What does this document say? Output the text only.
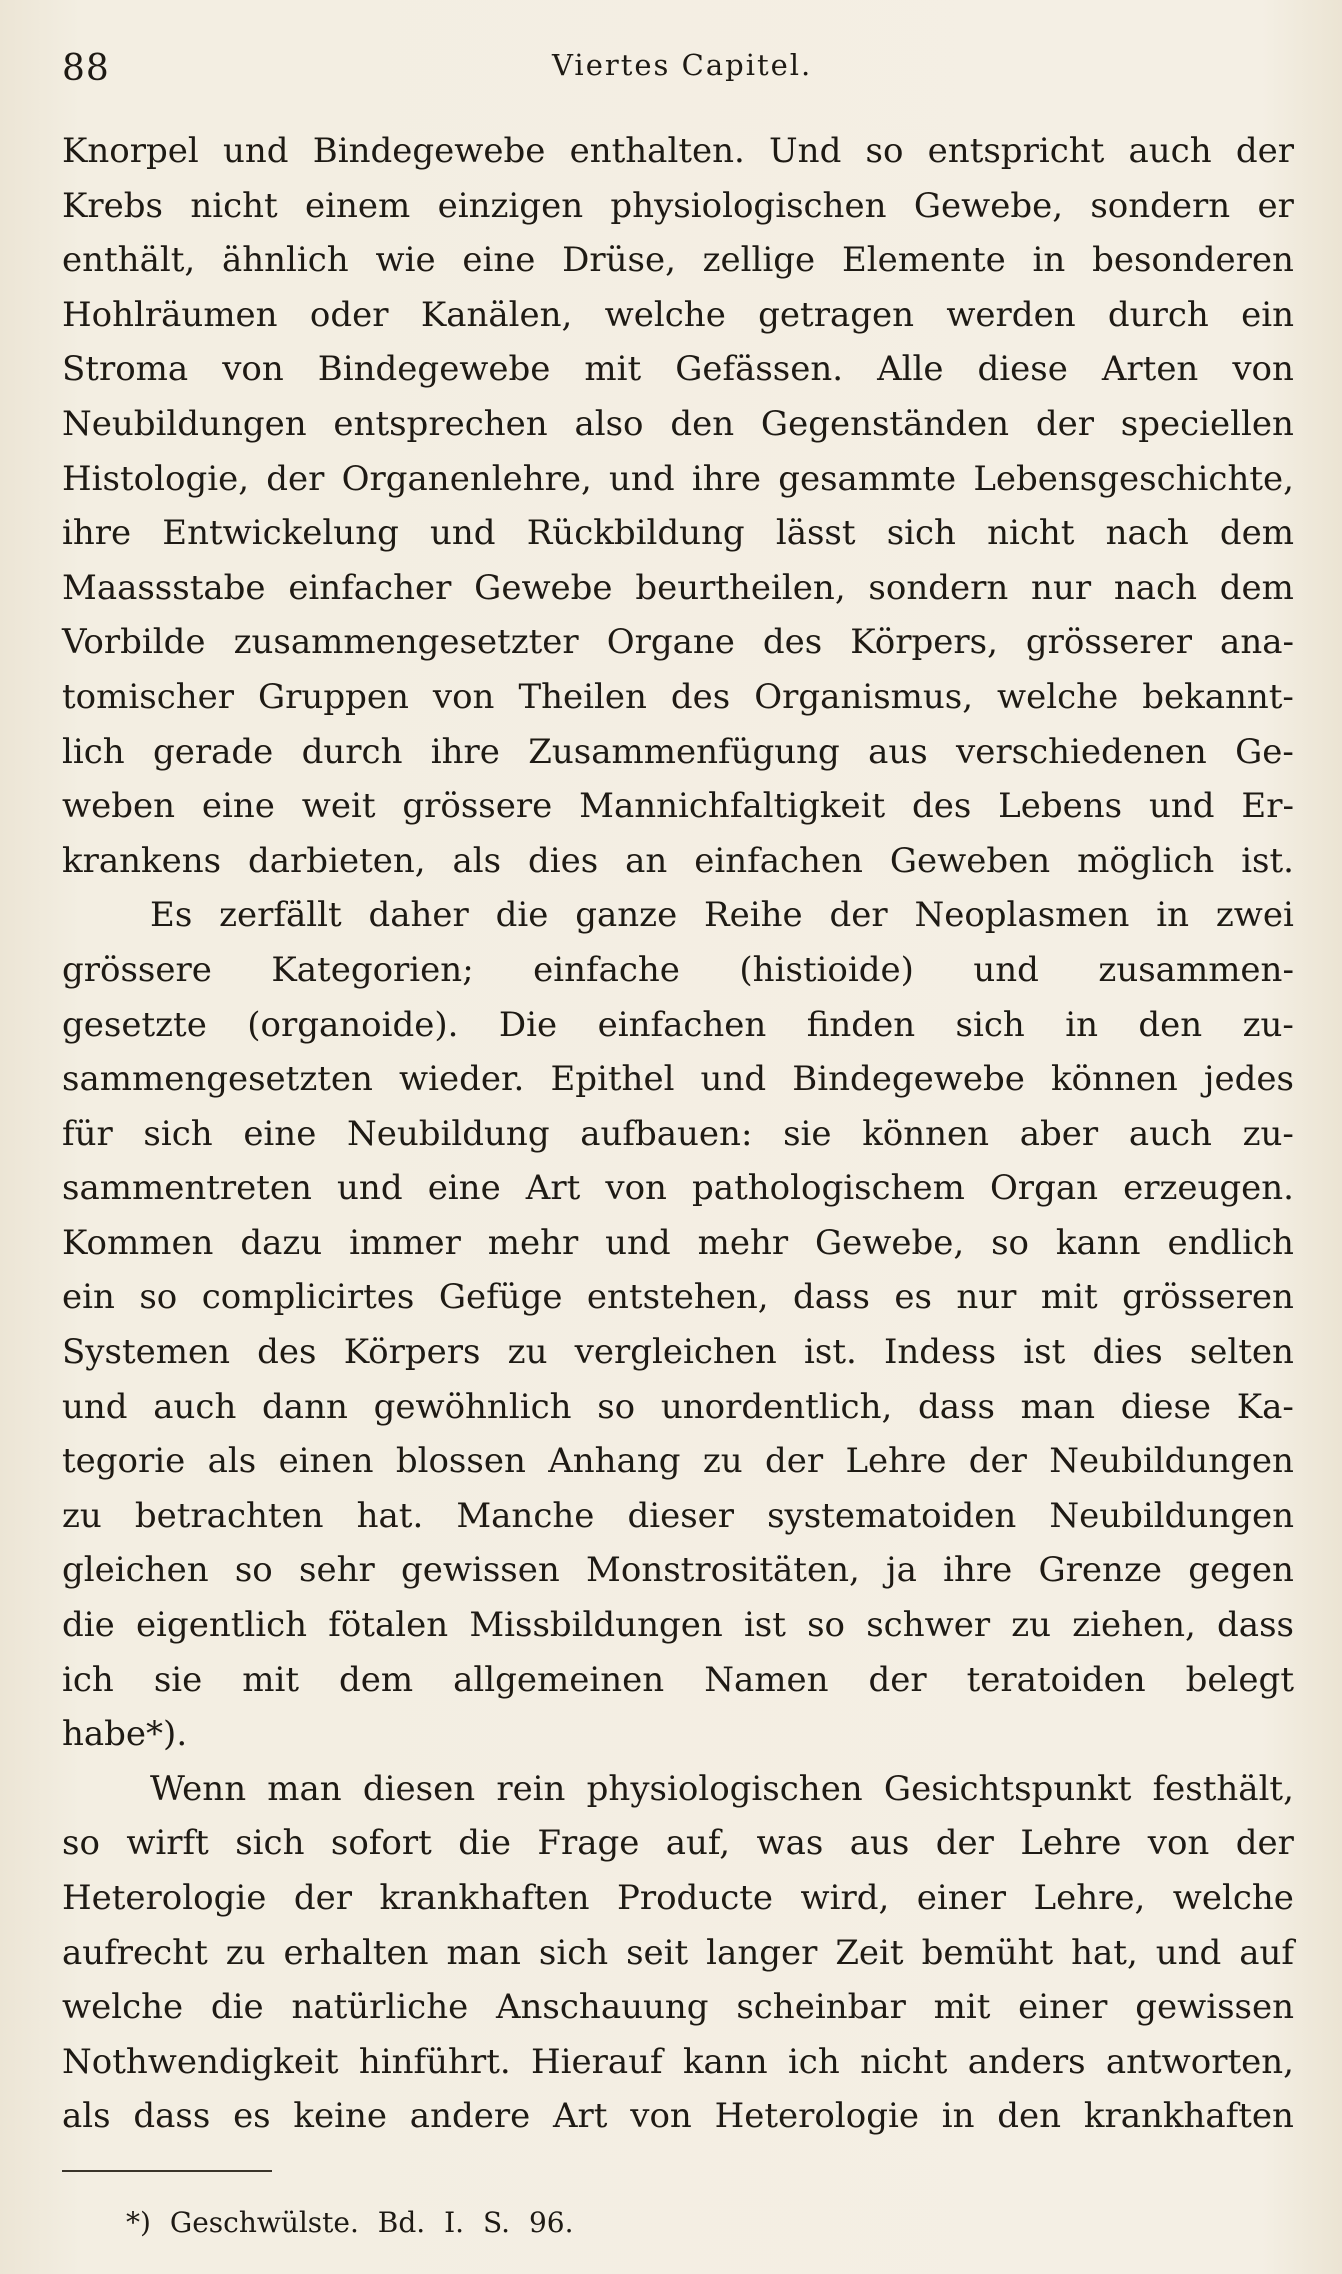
88	Viertes Capitel.
Knorpel und Bindegewebe enthalten. Und so entspricht auch der
Krebs nicht einem einzigen physiologischen Gewebe, sondern er
enthält, ähnlich wie eine Drüse, zellige Elemente in besonderen
Hohlräumen oder Kanälen, welche getragen werden durch ein
Stroma von Bindegewebe mit Gefässen. Alle diese Arten von
Neubildungen entsprechen also den Gegenständen der speciellen
Histologie, der Organenlehre, und ihre gesammte Lebensgeschichte,
ihre Entwickelung und Rückbildung lässt sich nicht nach dem
Maassstabe einfacher Gewebe beurtheilen, sondern nur nach dem
Vorbilde zusammengesetzter Organe des Körpers, grösserer ana-
tomischer Gruppen von Theilen des Organismus, welche bekannt-
lich gerade durch ihre Zusammenfügung aus verschiedenen Ge-
weben eine weit grössere Mannichfaltigkeit des Lebens und Er-
krankens darbieten, als dies an einfachen Geweben möglich ist.
Es zerfällt daher die ganze Reihe der Neoplasmen in zwei
grössere Kategorien; einfache (histioide) und zusammen-
gesetzte (organoide). Die einfachen finden sich in den zu-
sammengesetzten wieder. Epithel und Bindegewebe können jedes
für sich eine Neubildung aufbauen: sie können aber auch zu-
sammentreten und eine Art von pathologischem Organ erzeugen.
Kommen dazu immer mehr und mehr Gewebe, so kann endlich
ein so complicirtes Gefüge entstehen, dass es nur mit grösseren
Systemen des Körpers zu vergleichen ist. Indess ist dies selten
und auch dann gewöhnlich so unordentlich, dass man diese Ka-
tegorie als einen blossen Anhang zu der Lehre der Neubildungen
zu betrachten hat. Manche dieser systematoiden Neubildungen
gleichen so sehr gewissen Monstrositäten, ja ihre Grenze gegen
die eigentlich fötalen Missbildungen ist so schwer zu ziehen, dass
ich sie mit dem allgemeinen Namen der teratoiden belegt
habe*).
Wenn man diesen rein physiologischen Gesichtspunkt festhält,
so wirft sich sofort die Frage auf, was aus der Lehre von der
Heterologie der krankhaften Producte wird, einer Lehre, welche
aufrecht zu erhalten man sich seit langer Zeit bemüht hat, und auf
welche die natürliche Anschauung scheinbar mit einer gewissen
Nothwendigkeit hinführt. Hierauf kann ich nicht anders antworten,
als dass es keine andere Art von Heterologie in den krankhaften
*) Geschwülste. Bd. I. S. 96.
